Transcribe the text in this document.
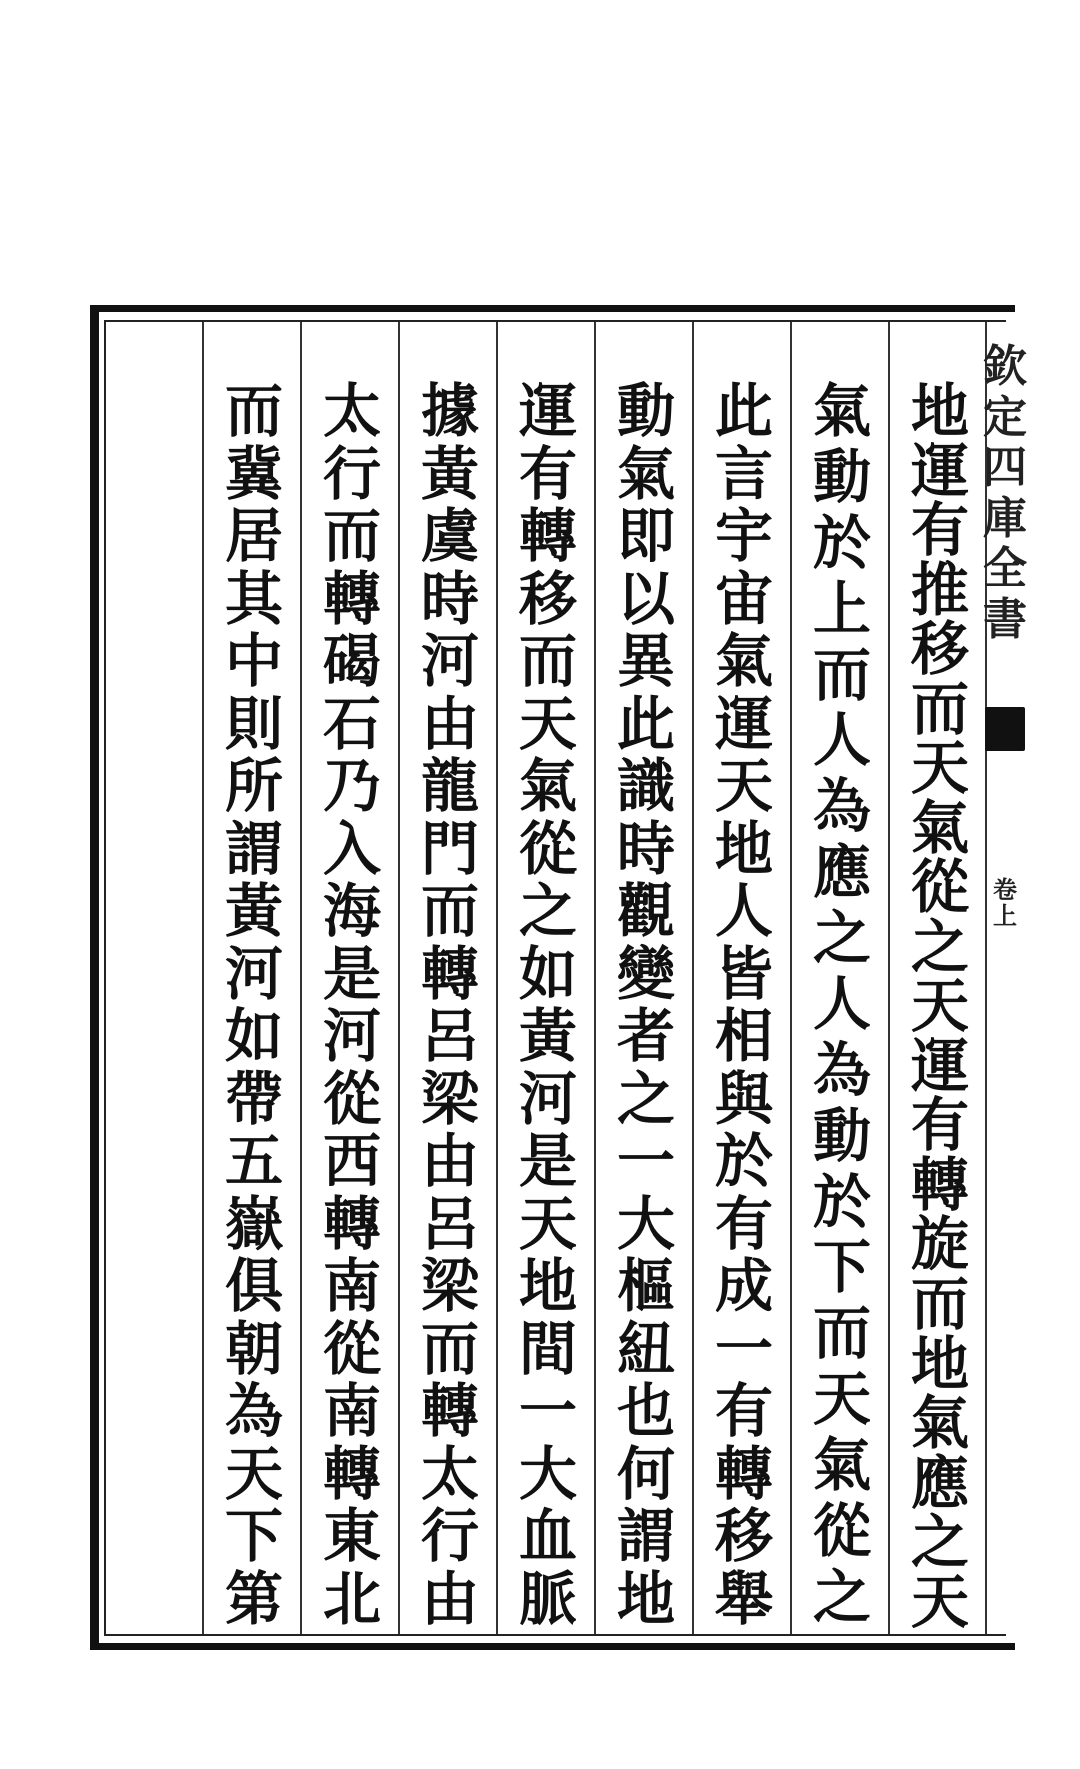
地
運
有
推
移
而
天
氣
從
之
天
運
有
轉
旋
而
地
氣
應
之
天
氣
動
於
上
而
人
為
應
之
人
為
動
於
下
而
天
氣
從
之
此
言
宇
宙
氣
運
天
地
人
皆
相
與
於
有
成
一
有
轉
移
舉
動
氣
即
以
異
此
識
時
觀
變
者
之
一
大
樞
紐
也
何
謂
地
運
有
轉
移
而
天
氣
從
之
如
黃
河
是
天
地
間
一
大
血
脈
據
黃
虞
時
河
由
龍
門
而
轉
呂
梁
由
呂
梁
而
轉
太
行
由
太
行
而
轉
碣
石
乃
入
海
是
河
從
西
轉
南
從
南
轉
東
北
而
冀
居
其
中
則
所
謂
黃
河
如
帶
五
嶽
俱
朝
為
天
下
第
欽
定
四
庫
全
書
卷
上
